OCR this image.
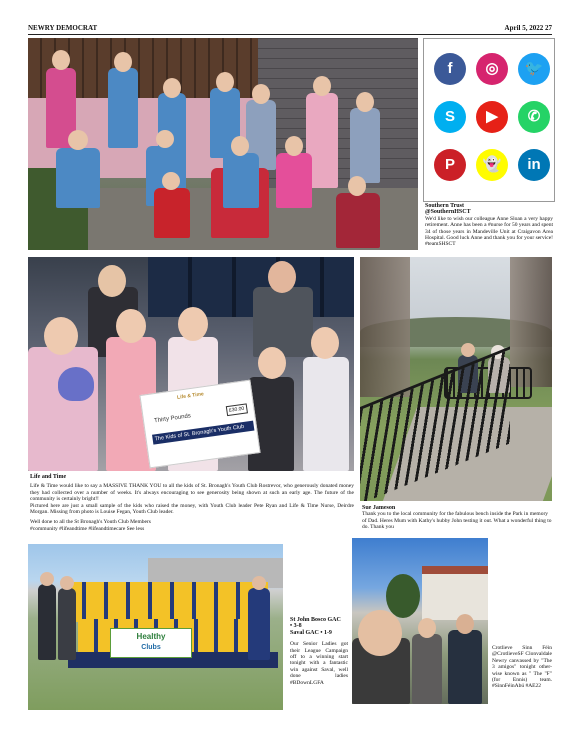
NEWRY DEMOCRAT	April 5, 2022 27
f	◎	🐦
S	▶	✆
P	👻	in
Southern Trust
@SouthernHSCT

We'd like to wish our colleague Anne Sloan a very happy retirement. Anne has been a #nurse for 50 years and spent 34 of those years in Mandeville Unit at Craigavon Area Hospital. Good luck Anne and thank you for your service! #teamSHSCT

Life & Time
Thirty Pounds
£30.00
The Kids of St. Bronagh's Youth Club
Life and Time

Life & Time would like to say a MASSIVE THANK YOU to all the kids of St. Bronagh's Youth Club Rostrevor, who generously donated money they had collected over a number of weeks. It's always encouraging to see generosity being shown at such an early age. The future of the community is certainly bright!!

Pictured here are just a small sample of the kids who raised the money, with Youth Club leader Pete Ryan and Life & Time Nurse, Deirdre Morgan. Missing from photo is Louise Fegan, Youth Club leader.

Well done to all the St Bronagh's Youth Club Members

#community #lifeandtime #lifeandtimecare See less

Sue Jameson

Thank you to the local community for the fabulous bench inside the Park in memory of Dad. Heres Mum with Kathy's hubby John testing it out. What a wonderful thing to do. Thank you

Healthy
Clubs
St John Bosco GAC
• 3-8
Saval GAC • 1-9

Our Senior Ladies got their League Campaign off to a winning start tonight with a fantastic win against Saval, well done ladies #BDownLGFA

Crotlieve Sinn Féin @CrotlieveSF Clonvaldale Newry canvassed by "The 3 amigos" tonight other-wise known as " The "F" (for Ennis) team. #SinnFéinAbú #AE22
